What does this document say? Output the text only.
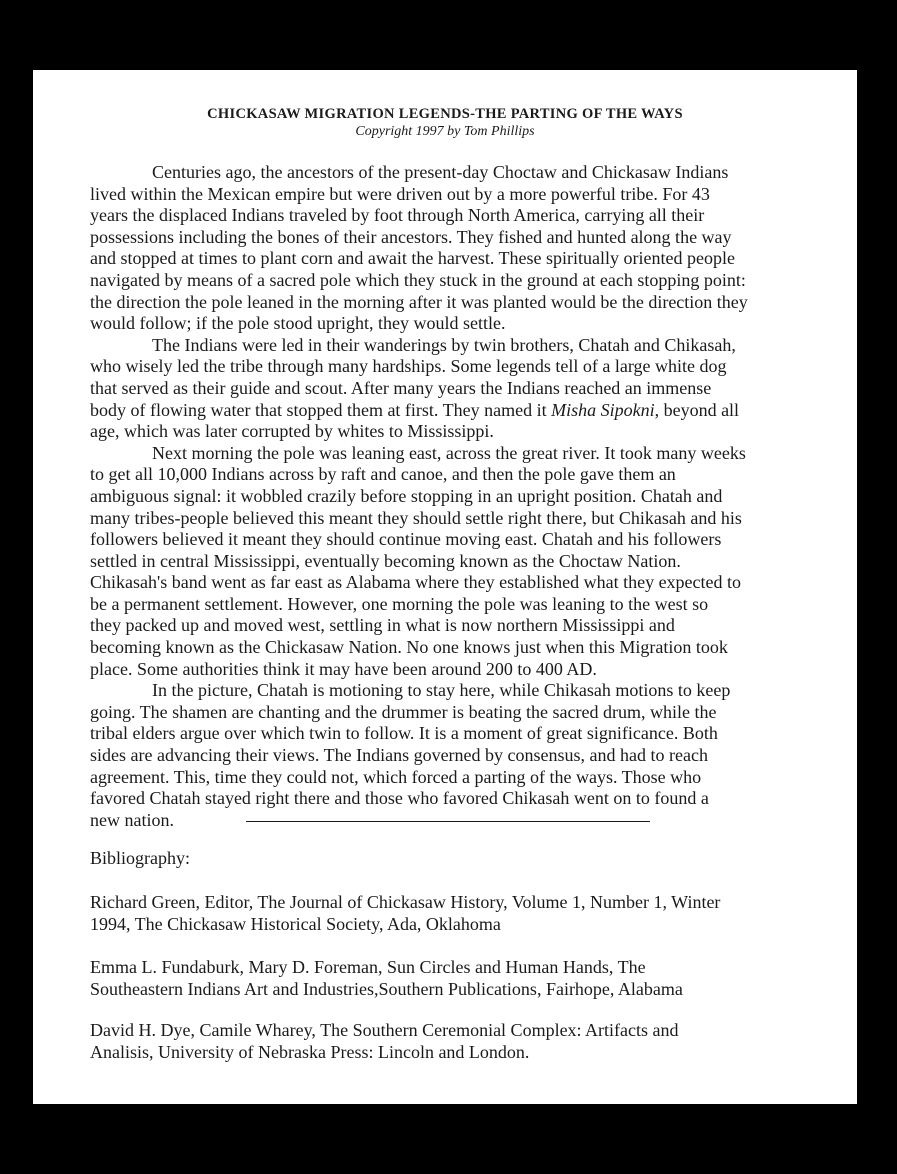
CHICKASAW MIGRATION LEGENDS-THE PARTING OF THE WAYS
Copyright 1997 by Tom Phillips
Centuries ago, the ancestors of the present-day Choctaw and Chickasaw Indians
lived within the Mexican empire but were driven out by a more powerful tribe. For 43
years the displaced Indians traveled by foot through North America, carrying all their
possessions including the bones of their ancestors. They fished and hunted along the way
and stopped at times to plant corn and await the harvest. These spiritually oriented people
navigated by means of a sacred pole which they stuck in the ground at each stopping point:
the direction the pole leaned in the morning after it was planted would be the direction they
would follow; if the pole stood upright, they would settle.
The Indians were led in their wanderings by twin brothers, Chatah and Chikasah,
who wisely led the tribe through many hardships. Some legends tell of a large white dog
that served as their guide and scout. After many years the Indians reached an immense
body of flowing water that stopped them at first. They named it Misha Sipokni, beyond all
age, which was later corrupted by whites to Mississippi.
Next morning the pole was leaning east, across the great river. It took many weeks
to get all 10,000 Indians across by raft and canoe, and then the pole gave them an
ambiguous signal: it wobbled crazily before stopping in an upright position. Chatah and
many tribes-people believed this meant they should settle right there, but Chikasah and his
followers believed it meant they should continue moving east. Chatah and his followers
settled in central Mississippi, eventually becoming known as the Choctaw Nation.
Chikasah's band went as far east as Alabama where they established what they expected to
be a permanent settlement. However, one morning the pole was leaning to the west so
they packed up and moved west, settling in what is now northern Mississippi and
becoming known as the Chickasaw Nation. No one knows just when this Migration took
place. Some authorities think it may have been around 200 to 400 AD.
In the picture, Chatah is motioning to stay here, while Chikasah motions to keep
going. The shamen are chanting and the drummer is beating the sacred drum, while the
tribal elders argue over which twin to follow. It is a moment of great significance. Both
sides are advancing their views. The Indians governed by consensus, and had to reach
agreement. This, time they could not, which forced a parting of the ways. Those who
favored Chatah stayed right there and those who favored Chikasah went on to found a
new nation.
Bibliography:
Richard Green, Editor, The Journal of Chickasaw History, Volume 1, Number 1, Winter
1994, The Chickasaw Historical Society, Ada, Oklahoma
Emma L. Fundaburk, Mary D. Foreman, Sun Circles and Human Hands, The
Southeastern Indians Art and Industries,Southern Publications, Fairhope, Alabama
David H. Dye, Camile Wharey, The Southern Ceremonial Complex: Artifacts and
Analisis, University of Nebraska Press: Lincoln and London.
